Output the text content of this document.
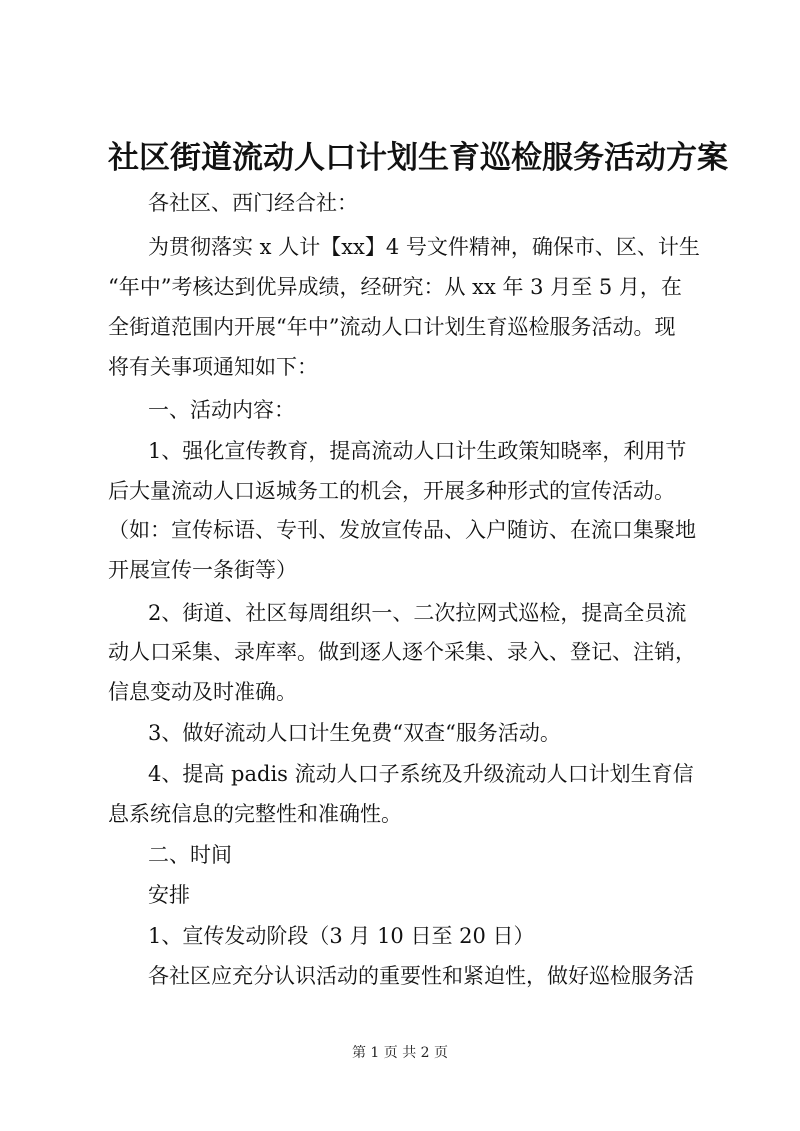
社区街道流动人口计划生育巡检服务活动方案

各社区、西门经合社：

为贯彻落实 x 人计【xx】4 号文件精神，确保市、区、计生

“年中”考核达到优异成绩，经研究：从 xx 年 3 月至 5 月，在

全街道范围内开展“年中”流动人口计划生育巡检服务活动。现

将有关事项通知如下：

一、活动内容：

1、强化宣传教育，提高流动人口计生政策知晓率，利用节

后大量流动人口返城务工的机会，开展多种形式的宣传活动。

（如：宣传标语、专刊、发放宣传品、入户随访、在流口集聚地

开展宣传一条街等）

2、街道、社区每周组织一、二次拉网式巡检，提高全员流

动人口采集、录库率。做到逐人逐个采集、录入、登记、注销，

信息变动及时准确。

3、做好流动人口计生免费“双查“服务活动。

4、提高 padis 流动人口子系统及升级流动人口计划生育信

息系统信息的完整性和准确性。

二、时间

安排

1、宣传发动阶段（3 月 10 日至 20 日）

各社区应充分认识活动的重要性和紧迫性，做好巡检服务活

第 1 页 共 2 页
